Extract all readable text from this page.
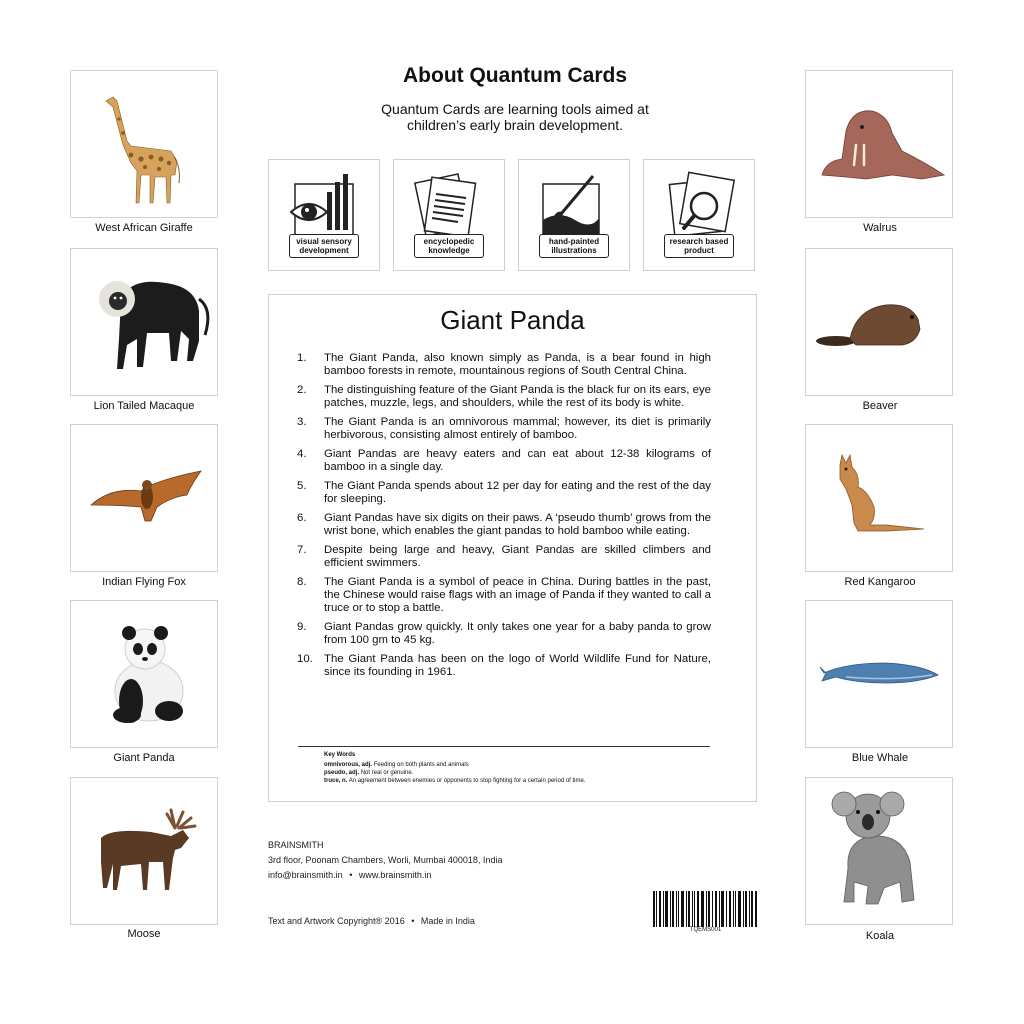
About Quantum Cards
Quantum Cards are learning tools aimed at
children’s early brain development.
West African Giraffe
Lion Tailed Macaque
Indian Flying Fox
Giant Panda
Moose
Walrus
Beaver
Red Kangaroo
Blue Whale
Koala
visual sensory
development
encyclopedic
knowledge
hand-painted
illustrations
research based
product
Giant Panda
1. The Giant Panda, also known simply as Panda, is a bear found in high bamboo forests in remote, mountainous regions of South Central China.
2. The distinguishing feature of the Giant Panda is the black fur on its ears, eye patches, muzzle, legs, and shoulders, while the rest of its body is white.
3. The Giant Panda is an omnivorous mammal; however, its diet is primarily herbivorous, consisting almost entirely of bamboo.
4. Giant Pandas are heavy eaters and can eat about 12-38 kilograms of bamboo in a single day.
5. The Giant Panda spends about 12 per day for eating and the rest of the day for sleeping.
6. Giant Pandas have six digits on their paws. A ‘pseudo thumb’ grows from the wrist bone, which enables the giant pandas to hold bamboo while eating.
7. Despite being large and heavy, Giant Pandas are skilled climbers and efficient swimmers.
8. The Giant Panda is a symbol of peace in China. During battles in the past, the Chinese would raise flags with an image of Panda if they wanted to call a truce or to stop a battle.
9. Giant Pandas grow quickly. It only takes one year for a baby panda to grow from 100 gm to 45 kg.
10. The Giant Panda has been on the logo of World Wildlife Fund for Nature, since its founding in 1961.
Key Words
omnivorous, adj. Feeding on both plants and animals
pseudo, adj. Not real or genuine.
truce, n. An agreement between enemies or opponents to stop fighting for a certain period of time.
BRAINSMITH
3rd floor, Poonam Chambers, Worli, Mumbai 400018, India
info@brainsmith.in • www.brainsmith.in
Text and Artwork Copyright® 2016 • Made in India
TQEMS001
